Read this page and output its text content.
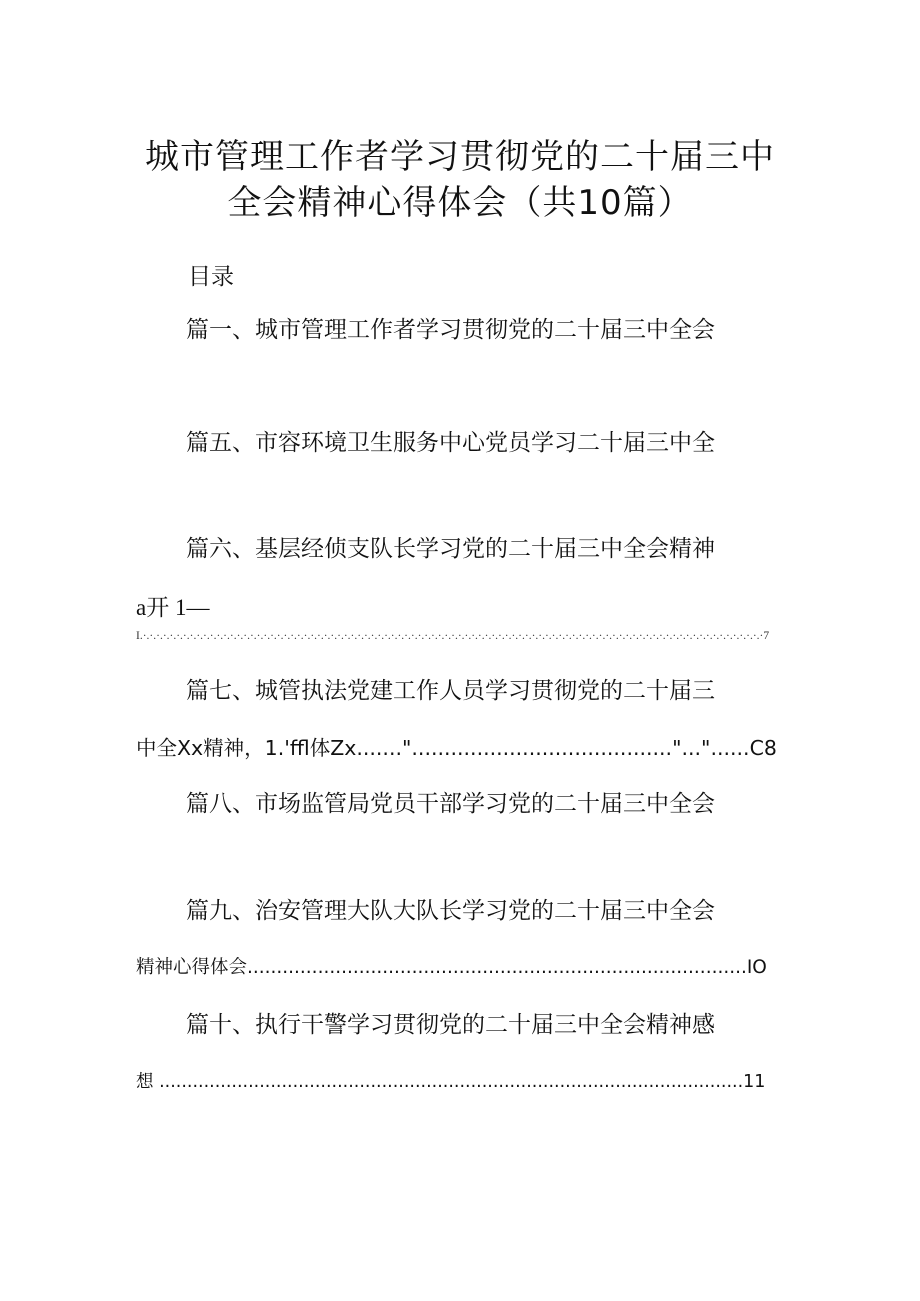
城市管理工作者学习贯彻党的二十届三中
全会精神心得体会（共10篇）
目录
篇一、城市管理工作者学习贯彻党的二十届三中全会
篇五、市容环境卫生服务中心党员学习二十届三中全
篇六、基层经侦支队长学习党的二十届三中全会精神
a开 1—
I.·.·.·.·.·.·.·.·.·.·.·.·.·.·.·.·.·.·.·.·.·.·.·.·.·.·.·.·.·.·.·.·.·.·.·.·.·.·.·.·.·.·.·.·.·.·.·.·.·.·.·.·.·.·.·.·.·.·.·.·.·.·.·.·.·.·.·.·.·.·.·.·.·.·.·.·.·.·.·.·.·.·.·.·.·.·.·.·.·.·.·.·.·7
篇七、城管执法党建工作人员学习贯彻党的二十届三
中全Xx精神，1.'ffl体Zx......."........................................"..."......C8
篇八、市场监管局党员干部学习党的二十届三中全会
篇九、治安管理大队大队长学习党的二十届三中全会
精神心得体会.....................................................................................IO
篇十、执行干警学习贯彻党的二十届三中全会精神感
想 .........................................................................................................11
